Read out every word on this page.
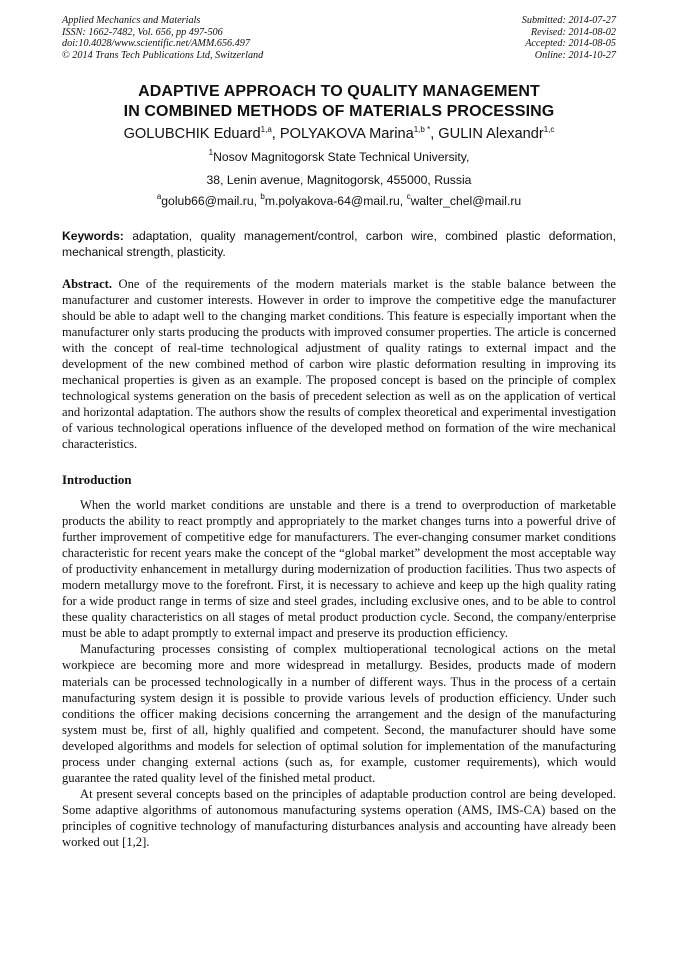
Applied Mechanics and Materials
ISSN: 1662-7482, Vol. 656, pp 497-506
doi:10.4028/www.scientific.net/AMM.656.497
© 2014 Trans Tech Publications Ltd, Switzerland
Submitted: 2014-07-27
Revised: 2014-08-02
Accepted: 2014-08-05
Online: 2014-10-27
ADAPTIVE APPROACH TO QUALITY MANAGEMENT
IN COMBINED METHODS OF MATERIALS PROCESSING
GOLUBCHIK Eduard$^{1,a}$, POLYAKOVA Marina$^{1,b *}$, GULIN Alexandr$^{1,c}$
$^1$Nosov Magnitogorsk State Technical University,
38, Lenin avenue, Magnitogorsk, 455000, Russia
$^a$golub66@mail.ru, $^b$m.polyakova-64@mail.ru, $^c$walter_chel@mail.ru
Keywords: adaptation, quality management/control, carbon wire, combined plastic deformation, mechanical strength, plasticity.

Abstract. One of the requirements of the modern materials market is the stable balance between the manufacturer and customer interests. However in order to improve the competitive edge the manufacturer should be able to adapt well to the changing market conditions. This feature is especially important when the manufacturer only starts producing the products with improved consumer properties. The article is concerned with the concept of real-time technological adjustment of quality ratings to external impact and the development of the new combined method of carbon wire plastic deformation resulting in improving its mechanical properties is given as an example. The proposed concept is based on the principle of complex technological systems generation on the basis of precedent selection as well as on the application of vertical and horizontal adaptation. The authors show the results of complex theoretical and experimental investigation of various technological operations influence of the developed method on formation of the wire mechanical characteristics.

Introduction

When the world market conditions are unstable and there is a trend to overproduction of marketable products the ability to react promptly and appropriately to the market changes turns into a powerful drive of further improvement of competitive edge for manufacturers. The ever-changing consumer market conditions characteristic for recent years make the concept of the “global market” development the most acceptable way of productivity enhancement in metallurgy during modernization of production facilities. Thus two aspects of modern metallurgy move to the forefront. First, it is necessary to achieve and keep up the high quality rating for a wide product range in terms of size and steel grades, including exclusive ones, and to be able to control these quality characteristics on all stages of metal product production cycle. Second, the company/enterprise must be able to adapt promptly to external impact and preserve its production efficiency.

Manufacturing processes consisting of complex multioperational tecnological actions on the metal workpiece are becoming more and more widespread in metallurgy. Besides, products made of modern materials can be processed technologically in a number of different ways. Thus in the process of a certain manufacturing system design it is possible to provide various levels of production efficiency. Under such conditions the officer making decisions concerning the arrangement and the design of the manufacturing system must be, first of all, highly qualified and competent. Second, the manufacturer should have some developed algorithms and models for selection of optimal solution for implementation of the manufacturing process under changing external actions (such as, for example, customer requirements), which would guarantee the rated quality level of the finished metal product.

At present several concepts based on the principles of adaptable production control are being developed. Some adaptive algorithms of autonomous manufacturing systems operation (AMS, IMS-CA) based on the principles of cognitive technology of manufacturing disturbances analysis and accounting have already been worked out [1,2].
